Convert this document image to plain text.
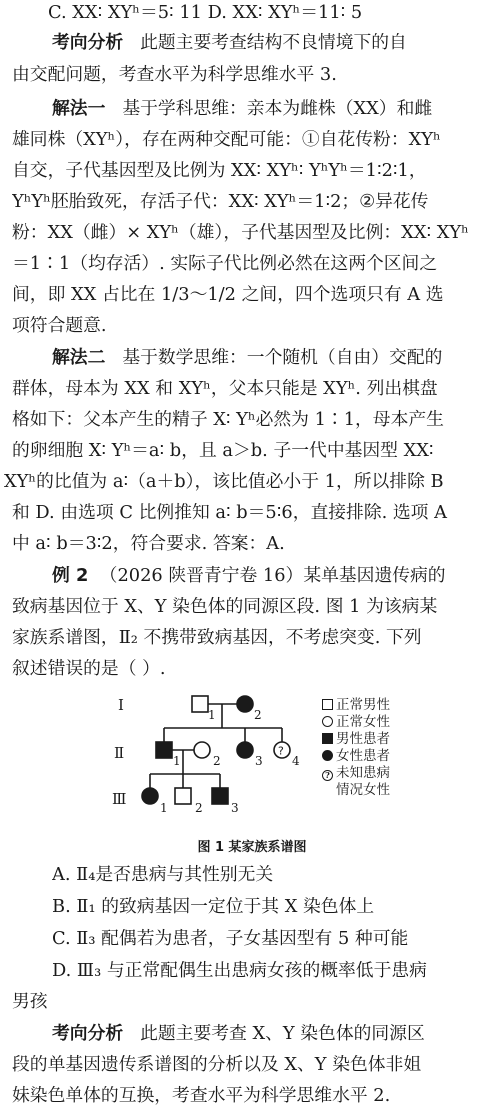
C. XX∶ XYʰ＝5∶ 11 D. XX∶ XYʰ＝11∶ 5
考向分析 此题主要考查结构不良情境下的自
由交配问题，考查水平为科学思维水平 3.
解法一 基于学科思维：亲本为雌株（XX）和雌
雄同株（XYʰ），存在两种交配可能：①自花传粉：XYʰ
自交，子代基因型及比例为 XX∶ XYʰ∶ YʰYʰ＝1∶2∶1，
YʰYʰ胚胎致死，存活子代：XX∶ XYʰ＝1∶2；②异花传
粉：XX（雌）× XYʰ（雄），子代基因型及比例：XX∶ XYʰ
＝1∶1（均存活）. 实际子代比例必然在这两个区间之
间，即 XX 占比在 1/3～1/2 之间，四个选项只有 A 选
项符合题意.
解法二 基于数学思维：一个随机（自由）交配的
群体，母本为 XX 和 XYʰ，父本只能是 XYʰ. 列出棋盘
格如下：父本产生的精子 X∶ Yʰ必然为 1∶1，母本产生
的卵细胞 X∶ Yʰ＝a∶ b，且 a＞b. 子一代中基因型 XX∶
XYʰ的比值为 a∶（a＋b），该比值必小于 1，所以排除 B
和 D. 由选项 C 比例推知 a∶ b＝5∶6，直接排除. 选项 A
中 a∶ b＝3∶2，符合要求. 答案：A.
例 2 （2026 陕晋青宁卷 16）某单基因遗传病的
致病基因位于 X、Y 染色体的同源区段. 图 1 为该病某
家族系谱图，Ⅱ₂ 不携带致病基因，不考虑突变. 下列
叙述错误的是（ ）.
Ⅰ
Ⅱ
Ⅲ
1	2
?
1	2	3 4
1 2 3
正常男性
正常女性
男性患者
女性患者
? 未知患病
情况女性
图 1 某家族系谱图
A. Ⅱ₄是否患病与其性别无关
B. Ⅱ₁ 的致病基因一定位于其 X 染色体上
C. Ⅱ₃ 配偶若为患者，子女基因型有 5 种可能
D. Ⅲ₃ 与正常配偶生出患病女孩的概率低于患病
男孩
考向分析 此题主要考查 X、Y 染色体的同源区
段的单基因遗传系谱图的分析以及 X、Y 染色体非姐
妹染色单体的互换，考查水平为科学思维水平 2.
